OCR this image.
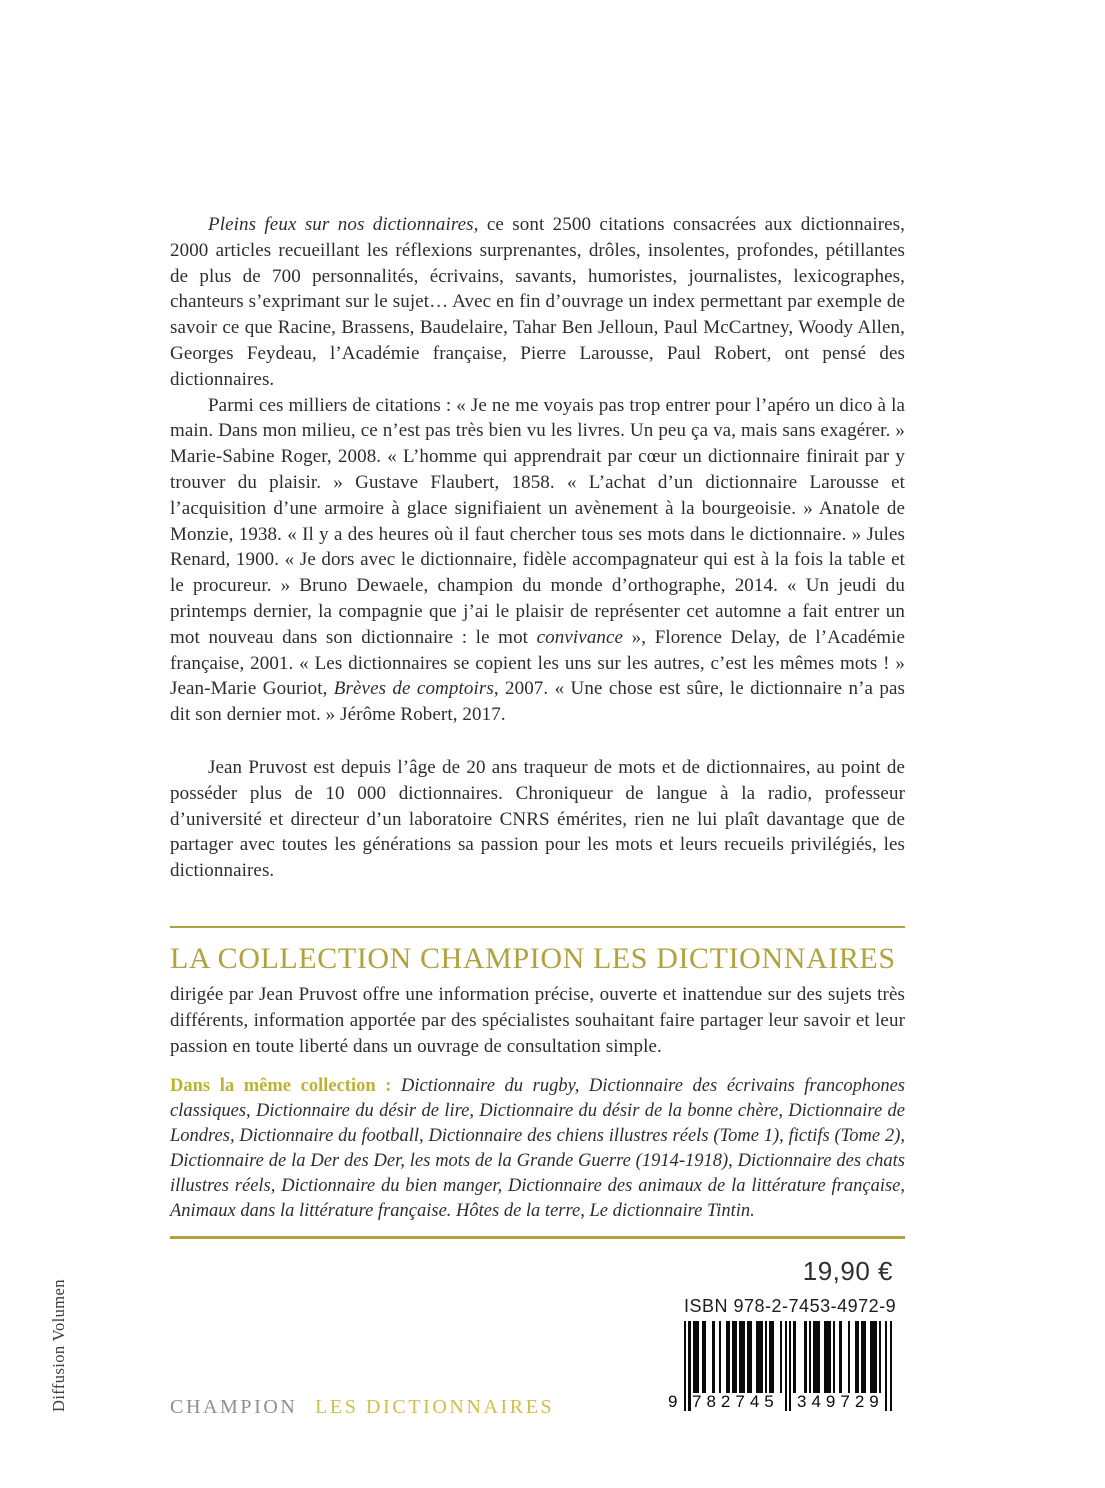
Diffusion Volumen

Pleins feux sur nos dictionnaires, ce sont 2500 citations consacrées aux dictionnaires, 2000 articles recueillant les réflexions surprenantes, drôles, insolentes, profondes, pétillantes de plus de 700 personnalités, écrivains, savants, humoristes, journalistes, lexicographes, chanteurs s’exprimant sur le sujet… Avec en fin d’ouvrage un index permettant par exemple de savoir ce que Racine, Brassens, Baudelaire, Tahar Ben Jelloun, Paul McCartney, Woody Allen, Georges Feydeau, l’Académie française, Pierre Larousse, Paul Robert, ont pensé des dictionnaires.

Parmi ces milliers de citations : « Je ne me voyais pas trop entrer pour l’apéro un dico à la main. Dans mon milieu, ce n’est pas très bien vu les livres. Un peu ça va, mais sans exagérer. » Marie-Sabine Roger, 2008. « L’homme qui apprendrait par cœur un dictionnaire finirait par y trouver du plaisir. » Gustave Flaubert, 1858. « L’achat d’un dictionnaire Larousse et l’acquisition d’une armoire à glace signifiaient un avènement à la bourgeoisie. » Anatole de Monzie, 1938. « Il y a des heures où il faut chercher tous ses mots dans le dictionnaire. » Jules Renard, 1900. « Je dors avec le dictionnaire, fidèle accompagnateur qui est à la fois la table et le procureur. » Bruno Dewaele, champion du monde d’orthographe, 2014. « Un jeudi du printemps dernier, la compagnie que j’ai le plaisir de représenter cet automne a fait entrer un mot nouveau dans son dictionnaire : le mot convivance », Florence Delay, de l’Académie française, 2001. « Les dictionnaires se copient les uns sur les autres, c’est les mêmes mots ! » Jean-Marie Gouriot, Brèves de comptoirs, 2007. « Une chose est sûre, le dictionnaire n’a pas dit son dernier mot. » Jérôme Robert, 2017.

Jean Pruvost est depuis l’âge de 20 ans traqueur de mots et de dictionnaires, au point de posséder plus de 10 000 dictionnaires. Chroniqueur de langue à la radio, professeur d’université et directeur d’un laboratoire CNRS émérites, rien ne lui plaît davantage que de partager avec toutes les générations sa passion pour les mots et leurs recueils privilégiés, les dictionnaires.

LA COLLECTION CHAMPION LES DICTIONNAIRES

dirigée par Jean Pruvost offre une information précise, ouverte et inattendue sur des sujets très différents, information apportée par des spécialistes souhaitant faire partager leur savoir et leur passion en toute liberté dans un ouvrage de consultation simple.

Dans la même collection : Dictionnaire du rugby, Dictionnaire des écrivains francophones classiques, Dictionnaire du désir de lire, Dictionnaire du désir de la bonne chère, Dictionnaire de Londres, Dictionnaire du football, Dictionnaire des chiens illustres réels (Tome 1), fictifs (Tome 2), Dictionnaire de la Der des Der, les mots de la Grande Guerre (1914-1918), Dictionnaire des chats illustres réels, Dictionnaire du bien manger, Dictionnaire des animaux de la littérature française, Animaux dans la littérature française. Hôtes de la terre, Le dictionnaire Tintin.

19,90 €
ISBN 978-2-7453-4972-9
9 782745 349729
CHAMPION LES DICTIONNAIRES
